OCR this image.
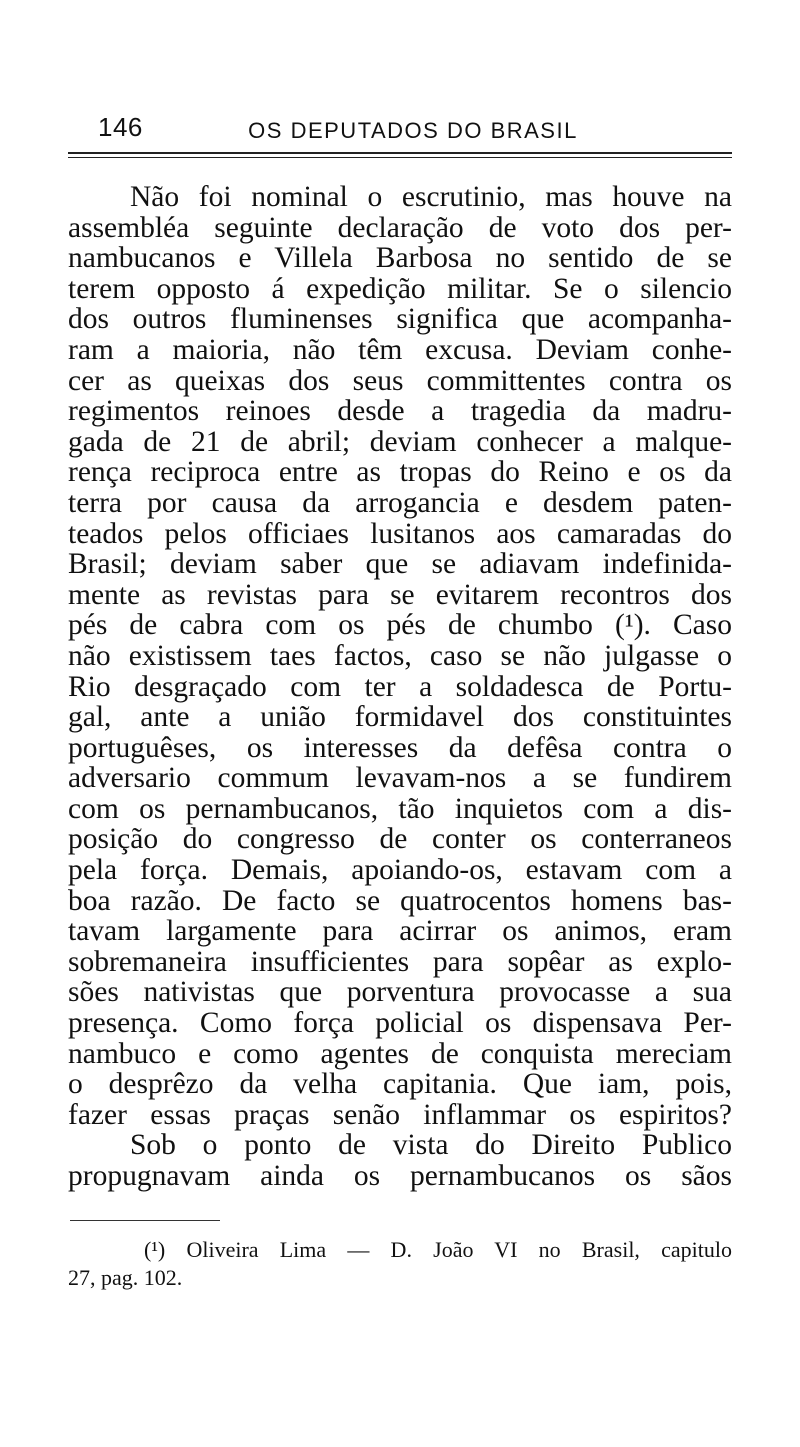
146	OS DEPUTADOS DO BRASIL
Não foi nominal o escrutinio, mas houve na
assembléa seguinte declaração de voto dos per-
nambucanos e Villela Barbosa no sentido de se
terem opposto á expedição militar. Se o silencio
dos outros fluminenses significa que acompanha-
ram a maioria, não têm excusa. Deviam conhe-
cer as queixas dos seus committentes contra os
regimentos reinoes desde a tragedia da madru-
gada de 21 de abril; deviam conhecer a malque-
rença reciproca entre as tropas do Reino e os da
terra por causa da arrogancia e desdem paten-
teados pelos officiaes lusitanos aos camaradas do
Brasil; deviam saber que se adiavam indefinida-
mente as revistas para se evitarem recontros dos
pés de cabra com os pés de chumbo (¹). Caso
não existissem taes factos, caso se não julgasse o
Rio desgraçado com ter a soldadesca de Portu-
gal, ante a união formidavel dos constituintes
portuguêses, os interesses da defêsa contra o
adversario commum levavam-nos a se fundirem
com os pernambucanos, tão inquietos com a dis-
posição do congresso de conter os conterraneos
pela força. Demais, apoiando-os, estavam com a
boa razão. De facto se quatrocentos homens bas-
tavam largamente para acirrar os animos, eram
sobremaneira insufficientes para sopêar as explo-
sões nativistas que porventura provocasse a sua
presença. Como força policial os dispensava Per-
nambuco e como agentes de conquista mereciam
o desprêzo da velha capitania. Que iam, pois,
fazer essas praças senão inflammar os espiritos?
Sob o ponto de vista do Direito Publico
propugnavam ainda os pernambucanos os sãos
(¹) Oliveira Lima — D. João VI no Brasil, capitulo
27, pag. 102.
